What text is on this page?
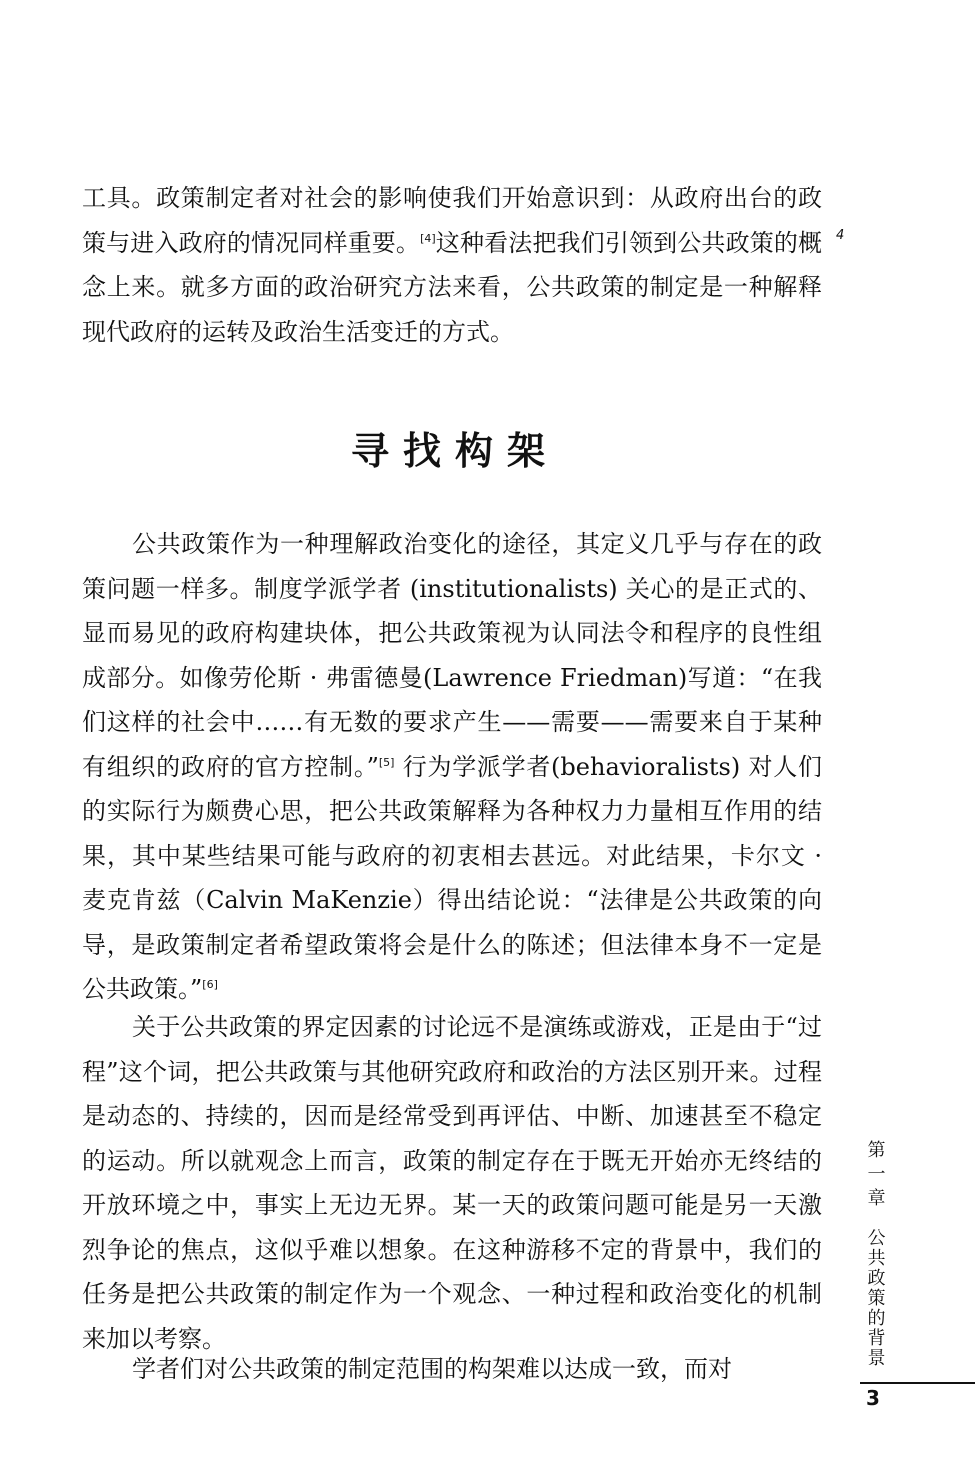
工具。政策制定者对社会的影响使我们开始意识到：从政府出台的政策与进入政府的情况同样重要。[4]这种看法把我们引领到公共政策的概念上来。就多方面的政治研究方法来看，公共政策的制定是一种解释现代政府的运转及政治生活变迁的方式。

4
寻找构架

公共政策作为一种理解政治变化的途径，其定义几乎与存在的政策问题一样多。制度学派学者 (institutionalists) 关心的是正式的、显而易见的政府构建块体，把公共政策视为认同法令和程序的良性组成部分。如像劳伦斯 · 弗雷德曼(Lawrence Friedman)写道：“在我们这样的社会中……有无数的要求产生——需要——需要来自于某种有组织的政府的官方控制。”[5] 行为学派学者(behavioralists) 对人们的实际行为颇费心思，把公共政策解释为各种权力力量相互作用的结果，其中某些结果可能与政府的初衷相去甚远。对此结果，卡尔文 · 麦克肯兹（Calvin MaKenzie）得出结论说：“法律是公共政策的向导，是政策制定者希望政策将会是什么的陈述；但法律本身不一定是公共政策。”[6]

关于公共政策的界定因素的讨论远不是演练或游戏，正是由于“过程”这个词，把公共政策与其他研究政府和政治的方法区别开来。过程是动态的、持续的，因而是经常受到再评估、中断、加速甚至不稳定的运动。所以就观念上而言，政策的制定存在于既无开始亦无终结的开放环境之中，事实上无边无界。某一天的政策问题可能是另一天激烈争论的焦点，这似乎难以想象。在这种游移不定的背景中，我们的任务是把公共政策的制定作为一个观念、一种过程和政治变化的机制来加以考察。

学者们对公共政策的制定范围的构架难以达成一致，而对

第一章
公共政策的背景
3
